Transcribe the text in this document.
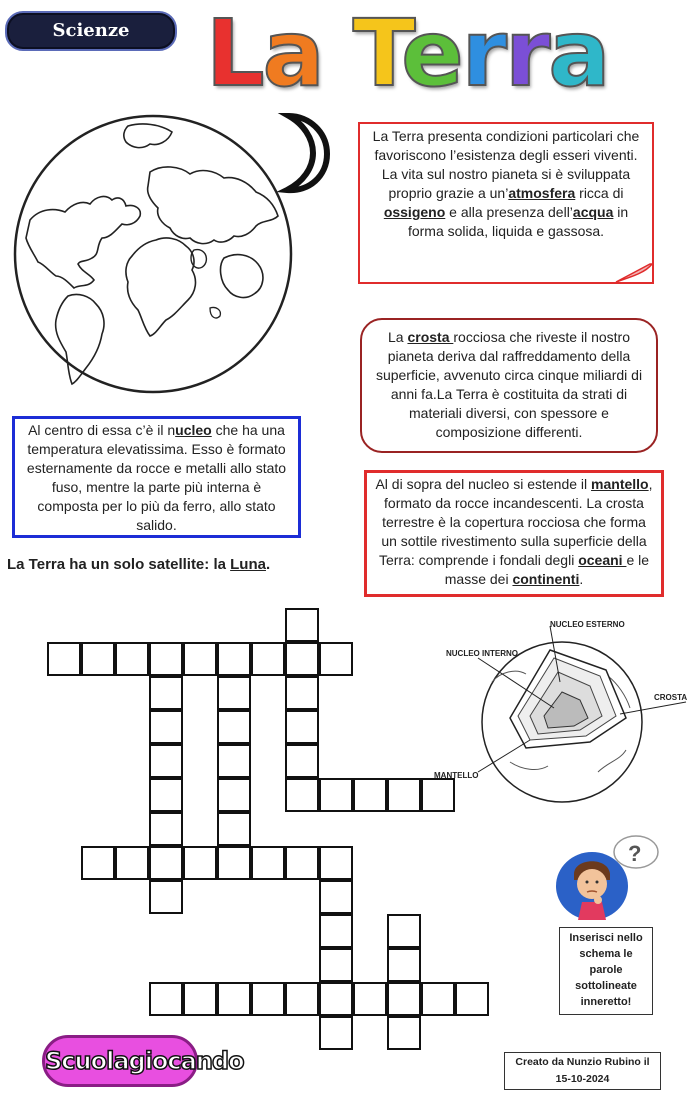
Scienze La Terra
La Terra presenta condizioni particolari che favoriscono l’esistenza degli esseri viventi. La vita sul nostro pianeta si è sviluppata proprio grazie a un’atmosfera ricca di ossigeno e alla presenza dell’acqua in forma solida, liquida e gassosa.
La crosta rocciosa che riveste il nostro pianeta deriva dal raffreddamento della superficie, avvenuto circa cinque miliardi di anni fa.La Terra è costituita da strati di materiali diversi, con spessore e composizione differenti.
Al centro di essa c’è il nucleo che ha una temperatura elevatissima. Esso è formato esternamente da rocce e metalli allo stato fuso, mentre la parte più interna è composta per lo più da ferro, allo stato salido.
Al di sopra del nucleo si estende il mantello, formato da rocce incandescenti. La crosta terrestre è la copertura rocciosa che forma un sottile rivestimento sulla superficie della Terra: comprende i fondali degli oceani e le masse dei continenti.
La Terra ha un solo satellite: la Luna.
NUCLEO ESTERNO
NUCLEO INTERNO
CROSTA
MANTELLO
?
Inserisci nello schema le parole sottolineate inneretto!
Creato da Nunzio Rubino il
15-10-2024
Scuolagiocando
